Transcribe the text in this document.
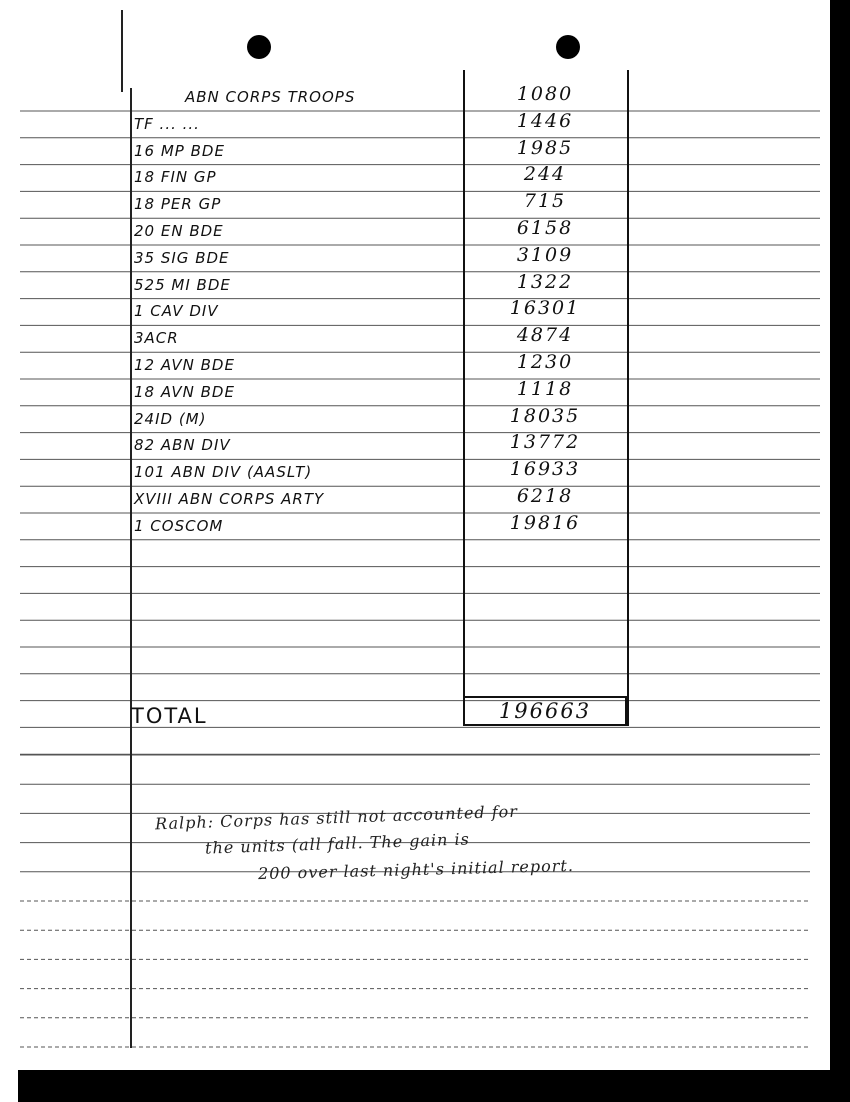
ABN CORPS TROOPS	1080
TF ... ...	1446
16 MP BDE	1985
18 FIN GP	244
18 PER GP	715
20 EN BDE	6158
35 SIG BDE	3109
525 MI BDE	1322
1 CAV DIV	16301
3ACR	4874
12 AVN BDE	1230
18 AVN BDE	1118
24ID (M)	18035
82 ABN DIV	13772
101 ABN DIV (AASLT)	16933
XVIII ABN CORPS ARTY	6218
1 COSCOM	19816
TOTAL	196663
Ralph: Corps has still not accounted for
the units (all fall. The gain is
200 over last night's initial report.
